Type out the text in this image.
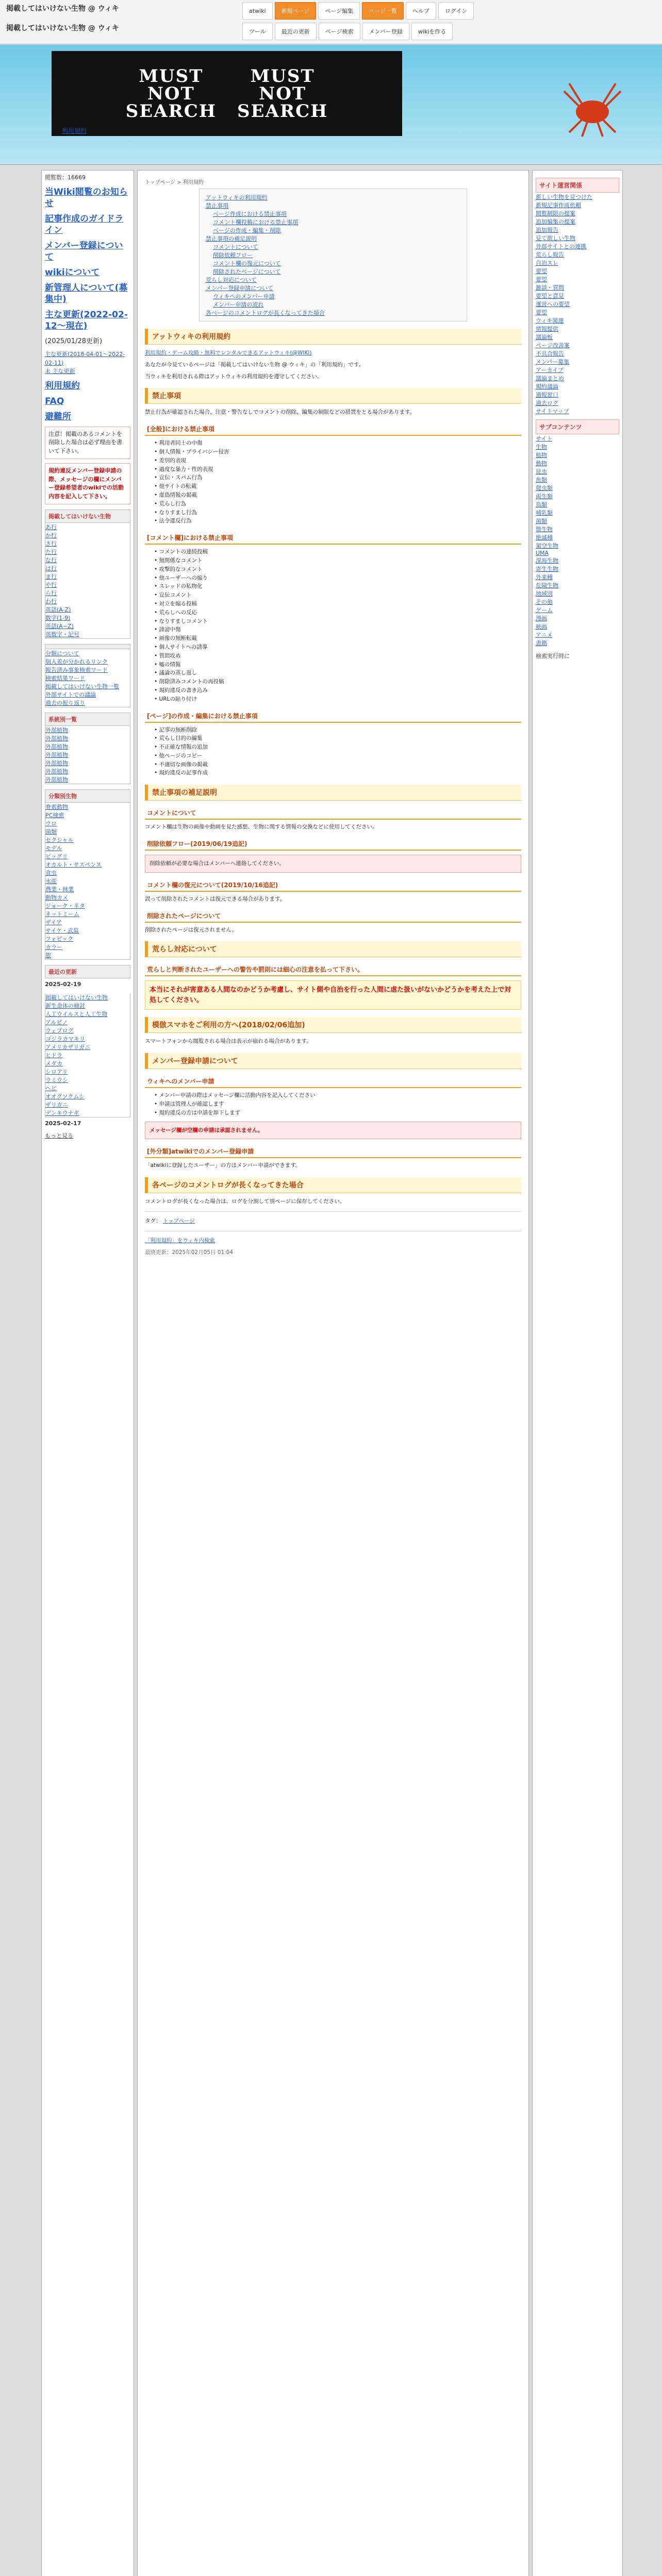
掲載してはいけない生物 @ ウィキ
掲載してはいけない生物 @ ウィキ
atwiki	新規ページ	ページ編集	ページ一覧	ヘルプ	ログイン
ツール	最近の更新	ページ検索	メンバー登録	wikiを作る
MUST
NOT
SEARCH
MUST
NOT
SEARCH
利用規約
閲覧数：16669
当Wiki閲覧のお知らせ
記事作成のガイドライン
メンバー登録について
wikiについて
新管理人について(募集中)
主な更新(2022-02-12～現在)
(2025/01/28更新)
主な更新(2018-04-01～2022-02-11)
未 主な更新
利用規約
FAQ
避難所
注意！掲載のあるコメントを削除した場合は必ず理由を書いて下さい。
規約違反メンバー登録申請の際、メッセージの欄にメンバー登録希望者のwikiでの活動内容を記入して下さい。
掲載してはいけない生物
あ行
か行
さ行
た行
な行
は行
ま行
や行
ら行
わ行
英語(A-Z)
数字(1-9)
英語(A~Z)
英数字・記号
分類について
個人差が分かれるリンク
報告済み事象検索ワード
検索結果ワード
掲載してはいけない生物一覧
外部サイトでの議論
過去の振り返り
系統別一覧
外部植物
外部植物
外部植物
外部植物
外部植物
外部植物
外部植物
分類別生物
脊索動物
PC検索
ウロ
菌類
セクシャル
モデル
ビッグリ
オカルト・サスペンス
食虫
水産
農業・林業
動物カメ
ジョーク・ネタ
ネットミーム
ザイア
サイケ・武装
フォビック
カラー
旅
最近の更新
2025-02-19
掲載してはいけない生物
新生命体の検討
人工ウイルスと人工生物
アルビノ
ウェブログ
ゴジラカマキリ
アメリカザリガニ
ヒドラ
メダカ
シロアリ
ウミウシ
ヘビ
オオグソクムシ
ザリガニ
デンキウナギ
2025-02-17
もっと見る
トップページ > 利用規約
アットウィキの利用規約
禁止事項
ページ作成における禁止事項
コメント欄投稿における禁止事項
ページの作成・編集・削除
禁止事項の補足説明
コメントについて
削除依頼フロー
コメント欄の復元について
削除されたページについて
荒らし対応について
メンバー登録申請について
ウィキへのメンバー申請
メンバー申請の流れ
各ページのコメントログが長くなってきた場合
アットウィキの利用規約
利用規約・ゲーム攻略・無料でレンタルできるアットウィキ(@WIKI)
あなたが今見ているページは「掲載してはいけない生物 @ ウィキ」の「利用規約」です。
当ウィキを利用される際はアットウィキの利用規約を遵守してください。
禁止事項
禁止行為が確認された場合、注意・警告なしでコメントの削除、編集の制限などの措置をとる場合があります。
[全般]における禁止事項
• 利用者同士の中傷
• 個人情報・プライバシー侵害
• 差別的表現
• 過度な暴力・性的表現
• 宣伝・スパム行為
• 他サイトの転載
• 虚偽情報の掲載
• 荒らし行為
• なりすまし行為
• 法令違反行為
[コメント欄]における禁止事項
• コメントの連続投稿
• 無関係なコメント
• 攻撃的なコメント
• 他ユーザーへの煽り
• スレッドの私物化
• 宣伝コメント
• 対立を煽る投稿
• 荒らしへの反応
• なりすましコメント
• 誹謗中傷
• 画像の無断転載
• 個人サイトへの誘導
• 質問攻め
• 嘘の情報
• 議論の蒸し返し
• 削除済みコメントの再投稿
• 規約違反の書き込み
• URLの貼り付け
[ページ]の作成・編集における禁止事項
• 記事の無断削除
• 荒らし目的の編集
• 不正確な情報の追加
• 他ページのコピー
• 不適切な画像の掲載
• 規約違反の記事作成
禁止事項の補足説明
コメントについて
コメント欄は生物の画像や動画を見た感想、生物に関する情報の交換などに使用してください。
削除依頼フロー(2019/06/19追記)
削除依頼が必要な場合はメンバーへ連絡してください。
コメント欄の復元について(2019/10/16追記)
誤って削除されたコメントは復元できる場合があります。
削除されたページについて
削除されたページは復元されません。
荒らし対応について
荒らしと判断されたユーザーへの警告や罰則には細心の注意を払って下さい。
本当にそれが害意ある人間なのかどうか考慮し、サイト側や自治を行った人間に虐た扱いがないかどうかを考えた上で対処してください。
模倣スマホをご利用の方へ(2018/02/06追加)
スマートフォンから閲覧される場合は表示が崩れる場合があります。
メンバー登録申請について
ウィキへのメンバー申請
• メンバー申請の際はメッセージ欄に活動内容を記入してください
• 申請は管理人が確認します
• 規約違反の方は申請を却下します
メッセージ欄が空欄の申請は承認されません。
[外分類]atwikiでのメンバー登録申請
「atwikiに登録したユーザー」の方はメンバー申請ができます。
各ページのコメントログが長くなってきた場合
コメントログが長くなった場合は、ログを分割して別ページに保存してください。
タグ： トップページ
「利用規約」をウィキ内検索
最終更新：2025年02月05日 01:04
サイト運営関係
新しい生物を見つけた
新規記事作成依頼
閲覧制限の提案
追加編集の提案
追加報告
見て欲しい生物
外部サイトとの連携
荒らし報告
自治スレ
要望
要望
雑談・質問
要望と意見
運営への要望
要望
ウィキ関連
情報提供
議論板
ページ改善案
不具合報告
メンバー募集
アーカイブ
議論まとめ
規約議論
通報窓口
過去ログ
サイトマップ
サブコンテンツ
サイト
生物
植物
動物
昆虫
魚類
爬虫類
両生類
鳥類
哺乳類
菌類
微生物
絶滅種
架空生物
UMA
深海生物
寄生生物
外来種
危険生物
地域別
その他
ゲーム
漫画
映画
アニメ
書籍
検索実行時に
